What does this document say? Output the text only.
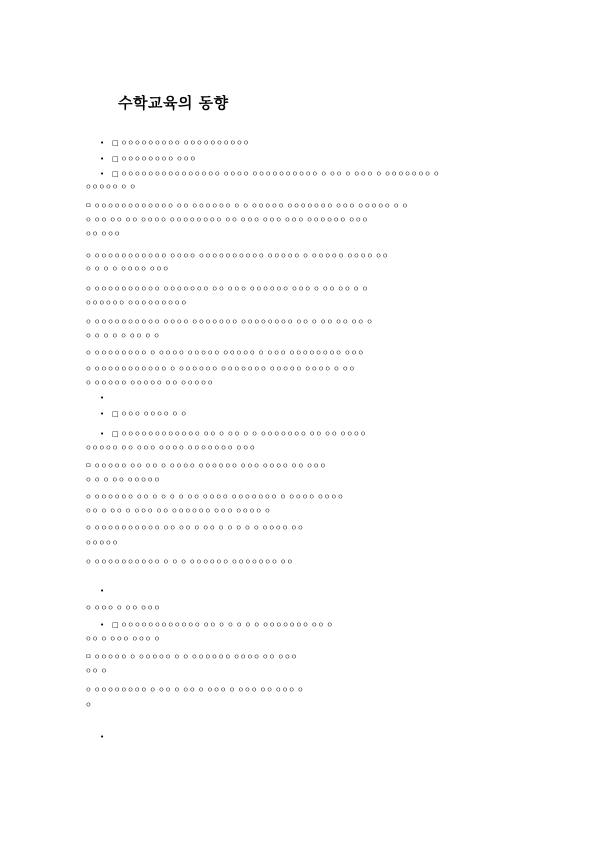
수학교육의 동향
• □ ㅇㅇㅇㅇㅇㅇㅇㅇㅇ ㅇㅇㅇㅇㅇㅇㅇㅇㅇㅇ
• □ ㅇㅇㅇㅇㅇㅇㅇㅇ ㅇㅇㅇ
• □ ㅇㅇㅇㅇㅇㅇㅇㅇㅇㅇㅇㅇㅇㅇㅇ ㅇㅇㅇㅇ ㅇㅇㅇㅇㅇㅇㅇㅇㅇㅇ ㅇ ㅇㅇ ㅇ ㅇㅇㅇ ㅇ ㅇㅇㅇㅇㅇㅇㅇ ㅇ
ㅇㅇㅇㅇㅇ ㅇ ㅇ
ㅁ ㅇㅇㅇㅇㅇㅇㅇㅇㅇㅇㅇㅇ ㅇㅇ ㅇㅇㅇㅇㅇㅇ ㅇ ㅇ ㅇㅇㅇㅇㅇ ㅇㅇㅇㅇㅇㅇㅇ ㅇㅇㅇ ㅇㅇㅇㅇㅇ ㅇ ㅇ
ㅇ ㅇㅇ ㅇㅇ ㅇㅇ ㅇㅇㅇㅇ ㅇㅇㅇㅇㅇㅇㅇㅇ ㅇㅇ ㅇㅇㅇ ㅇㅇㅇ ㅇㅇㅇ ㅇㅇㅇㅇㅇㅇ ㅇㅇㅇ
ㅇㅇ ㅇㅇㅇ
ㅇ ㅇㅇㅇㅇㅇㅇㅇㅇㅇㅇㅇ ㅇㅇㅇㅇ ㅇㅇㅇㅇㅇㅇㅇㅇㅇㅇ ㅇㅇㅇㅇㅇ ㅇ ㅇㅇㅇㅇㅇ ㅇㅇㅇㅇ ㅇㅇ
ㅇ ㅇ ㅇ ㅇ ㅇㅇㅇㅇ ㅇㅇㅇ
ㅇ ㅇㅇㅇㅇㅇㅇㅇㅇㅇㅇ ㅇㅇㅇㅇㅇㅇㅇ ㅇㅇ ㅇㅇㅇ ㅇㅇㅇㅇㅇㅇ ㅇㅇㅇ ㅇ ㅇㅇ ㅇㅇ ㅇ ㅇ
ㅇㅇㅇㅇㅇㅇ ㅇㅇㅇㅇㅇㅇㅇㅇㅇ
ㅇ ㅇㅇㅇㅇㅇㅇㅇㅇㅇㅇ ㅇㅇㅇㅇ ㅇㅇㅇㅇㅇㅇㅇ ㅇㅇㅇㅇㅇㅇㅇㅇ ㅇㅇ ㅇ ㅇㅇ ㅇㅇ ㅇㅇ ㅇ
ㅇ ㅇ ㅇ ㅇ ㅇ ㅇㅇ ㅇ ㅇ
ㅇ ㅇㅇㅇㅇㅇㅇㅇㅇ ㅇ ㅇㅇㅇㅇ ㅇㅇㅇㅇㅇ ㅇㅇㅇㅇㅇ ㅇ ㅇㅇㅇ ㅇㅇㅇㅇㅇㅇㅇㅇ ㅇㅇㅇ
ㅇ ㅇㅇㅇㅇㅇㅇㅇㅇㅇㅇㅇ ㅇ ㅇㅇㅇㅇㅇㅇ ㅇㅇㅇㅇㅇㅇㅇ ㅇㅇㅇㅇㅇ ㅇㅇㅇㅇ ㅇ ㅇㅇ
ㅇ ㅇㅇㅇㅇㅇ ㅇㅇㅇㅇㅇ ㅇㅇ ㅇㅇㅇㅇㅇ
•
• □ ㅇㅇㅇ ㅇㅇㅇㅇ ㅇ ㅇ
• □ ㅇㅇㅇㅇㅇㅇㅇㅇㅇㅇㅇㅇ ㅇㅇ ㅇ ㅇㅇ ㅇ ㅇ ㅇㅇㅇㅇㅇㅇㅇ ㅇㅇ ㅇㅇ ㅇㅇㅇㅇ
ㅇㅇㅇㅇㅇ ㅇㅇ ㅇㅇㅇ ㅇㅇㅇㅇ ㅇㅇㅇㅇㅇㅇㅇ ㅇㅇㅇ
ㅁ ㅇㅇㅇㅇㅇ ㅇㅇ ㅇㅇ ㅇ ㅇㅇㅇㅇ ㅇㅇㅇㅇㅇㅇ ㅇㅇㅇ ㅇㅇㅇㅇ ㅇㅇ ㅇㅇㅇ
ㅇ ㅇ ㅇ ㅇㅇ ㅇㅇㅇㅇㅇ
ㅇ ㅇㅇㅇㅇㅇㅇ ㅇㅇ ㅇ ㅇ ㅇ ㅇ ㅇㅇ ㅇㅇㅇㅇ ㅇㅇㅇㅇㅇㅇㅇ ㅇ ㅇㅇㅇㅇ ㅇㅇㅇㅇ
ㅇㅇ ㅇ ㅇㅇ ㅇ ㅇㅇㅇ ㅇㅇ ㅇㅇㅇㅇㅇㅇ ㅇㅇㅇ ㅇㅇㅇㅇ ㅇ
ㅇ ㅇㅇㅇㅇㅇㅇㅇㅇㅇㅇ ㅇㅇ ㅇㅇ ㅇ ㅇㅇ ㅇ ㅇ ㅇ ㅇ ㅇ ㅇㅇㅇㅇ ㅇㅇ
ㅇㅇㅇㅇㅇ
ㅇ ㅇㅇㅇㅇㅇㅇㅇㅇㅇㅇ ㅇ ㅇ ㅇ ㅇㅇㅇㅇㅇㅇ ㅇㅇㅇㅇㅇㅇㅇ ㅇㅇ
•
ㅇ ㅇㅇㅇ ㅇ ㅇㅇ ㅇㅇㅇ
• □ ㅇㅇㅇㅇㅇㅇㅇㅇㅇㅇㅇㅇ ㅇㅇ ㅇ ㅇ ㅇ ㅇ ㅇ ㅇㅇㅇㅇㅇㅇㅇ ㅇㅇ ㅇ
ㅇㅇ ㅇ ㅇㅇㅇ ㅇㅇㅇ ㅇ
ㅁ ㅇㅇㅇㅇㅇ ㅇ ㅇㅇㅇㅇㅇ ㅇ ㅇ ㅇㅇㅇㅇㅇㅇ ㅇㅇㅇㅇ ㅇㅇ ㅇㅇㅇ
ㅇㅇ ㅇ
ㅇ ㅇㅇㅇㅇㅇㅇㅇㅇ ㅇ ㅇㅇ ㅇ ㅇㅇ ㅇ ㅇㅇㅇ ㅇ ㅇㅇㅇ ㅇㅇ ㅇㅇㅇ ㅇ
ㅇ
•
